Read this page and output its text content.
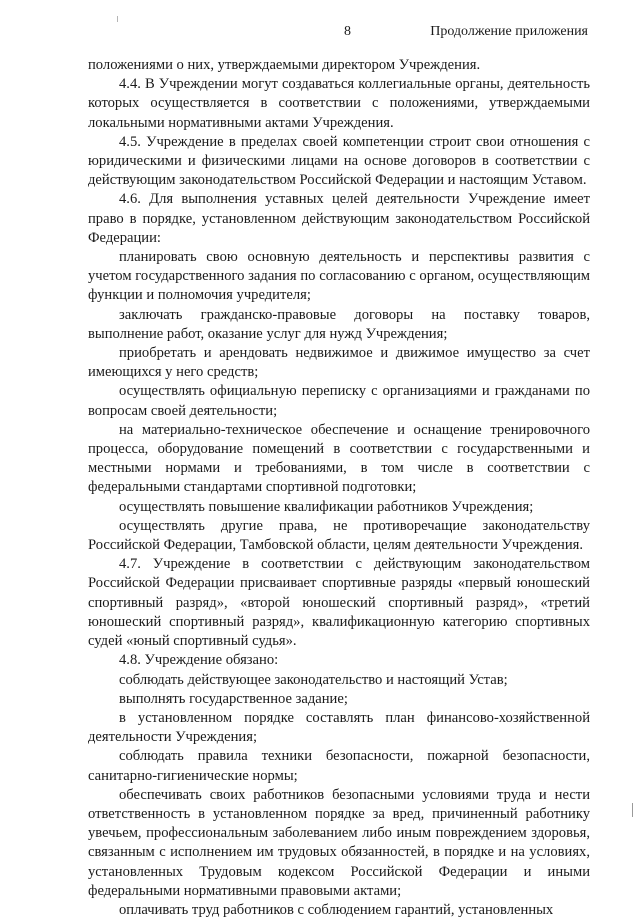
8	Продолжение приложения

положениями о них, утверждаемыми директором Учреждения.

4.4. В Учреждении могут создаваться коллегиальные органы, деятельность которых осуществляется в соответствии с положениями, утверждаемыми локальными нормативными актами Учреждения.

4.5. Учреждение в пределах своей компетенции строит свои отношения с юридическими и физическими лицами на основе договоров в соответствии с действующим законодательством Российской Федерации и настоящим Уставом.

4.6. Для выполнения уставных целей деятельности Учреждение имеет право в порядке, установленном действующим законодательством Российской Федерации:

планировать свою основную деятельность и перспективы развития с учетом государственного задания по согласованию с органом, осуществляющим функции и полномочия учредителя;

заключать гражданско-правовые договоры на поставку товаров, выполнение работ, оказание услуг для нужд Учреждения;

приобретать и арендовать недвижимое и движимое имущество за счет имеющихся у него средств;

осуществлять официальную переписку с организациями и гражданами по вопросам своей деятельности;

на материально-техническое обеспечение и оснащение тренировочного процесса, оборудование помещений в соответствии с государственными и местными нормами и требованиями, в том числе в соответствии с федеральными стандартами спортивной подготовки;

осуществлять повышение квалификации работников Учреждения;

осуществлять другие права, не противоречащие законодательству Российской Федерации, Тамбовской области, целям деятельности Учреждения.

4.7. Учреждение в соответствии с действующим законодательством Российской Федерации присваивает спортивные разряды «первый юношеский спортивный разряд», «второй юношеский спортивный разряд», «третий юношеский спортивный разряд», квалификационную категорию спортивных судей «юный спортивный судья».

4.8. Учреждение обязано:

соблюдать действующее законодательство и настоящий Устав;

выполнять государственное задание;

в установленном порядке составлять план финансово-хозяйственной деятельности Учреждения;

соблюдать правила техники безопасности, пожарной безопасности, санитарно-гигиенические нормы;

обеспечивать своих работников безопасными условиями труда и нести ответственность в установленном порядке за вред, причиненный работнику увечьем, профессиональным заболеванием либо иным повреждением здоровья, связанным с исполнением им трудовых обязанностей, в порядке и на условиях, установленных Трудовым кодексом Российской Федерации и иными федеральными нормативными правовыми актами;

оплачивать труд работников с соблюдением гарантий, установленных
